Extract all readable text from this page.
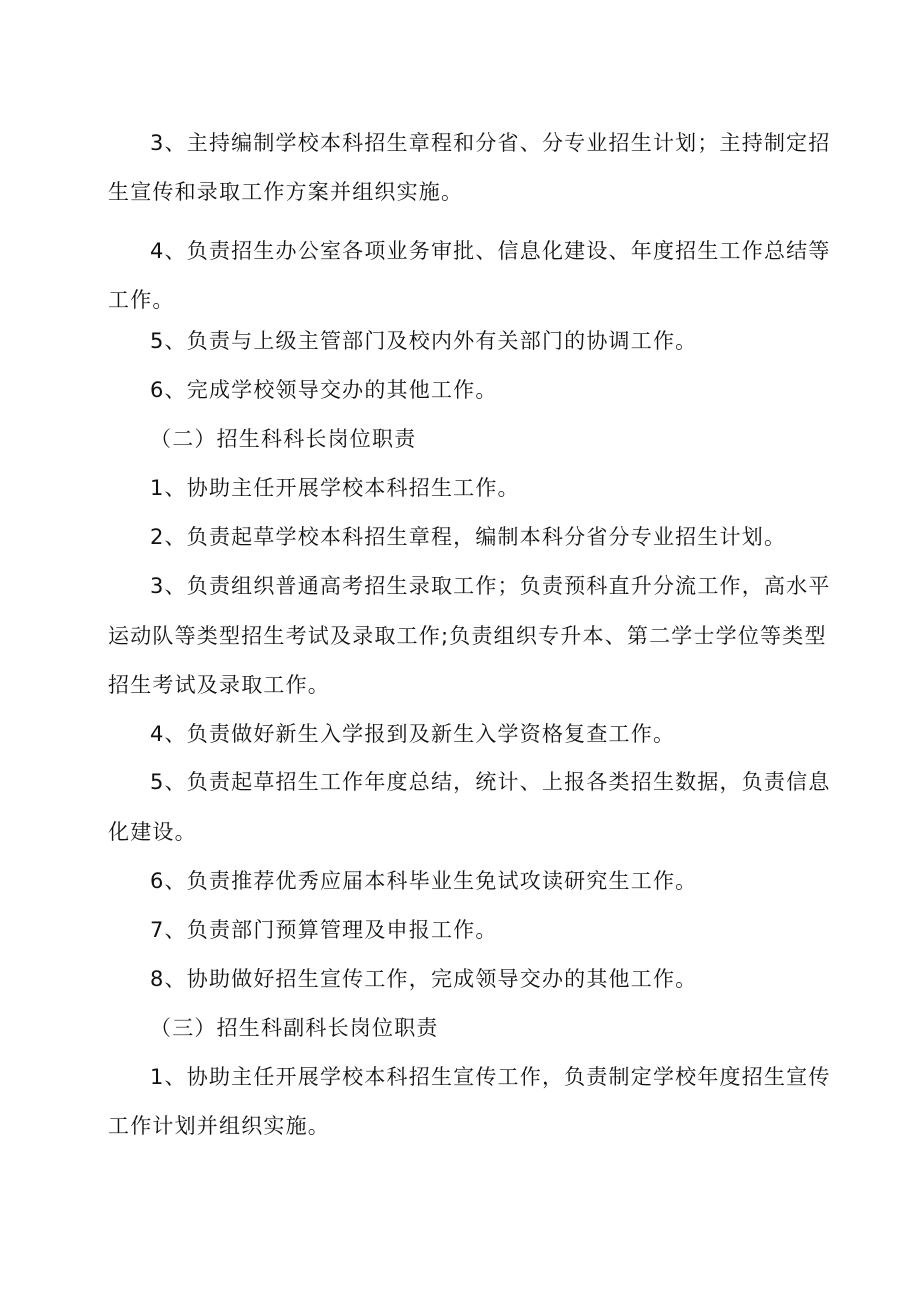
3、主持编制学校本科招生章程和分省、分专业招生计划；主持制定招

生宣传和录取工作方案并组织实施。

4、负责招生办公室各项业务审批、信息化建设、年度招生工作总结等

工作。

5、负责与上级主管部门及校内外有关部门的协调工作。

6、完成学校领导交办的其他工作。

（二）招生科科长岗位职责

1、协助主任开展学校本科招生工作。

2、负责起草学校本科招生章程，编制本科分省分专业招生计划。

3、负责组织普通高考招生录取工作；负责预科直升分流工作，高水平

运动队等类型招生考试及录取工作;负责组织专升本、第二学士学位等类型

招生考试及录取工作。

4、负责做好新生入学报到及新生入学资格复查工作。

5、负责起草招生工作年度总结，统计、上报各类招生数据，负责信息

化建设。

6、负责推荐优秀应届本科毕业生免试攻读研究生工作。

7、负责部门预算管理及申报工作。

8、协助做好招生宣传工作，完成领导交办的其他工作。

（三）招生科副科长岗位职责

1、协助主任开展学校本科招生宣传工作，负责制定学校年度招生宣传

工作计划并组织实施。
